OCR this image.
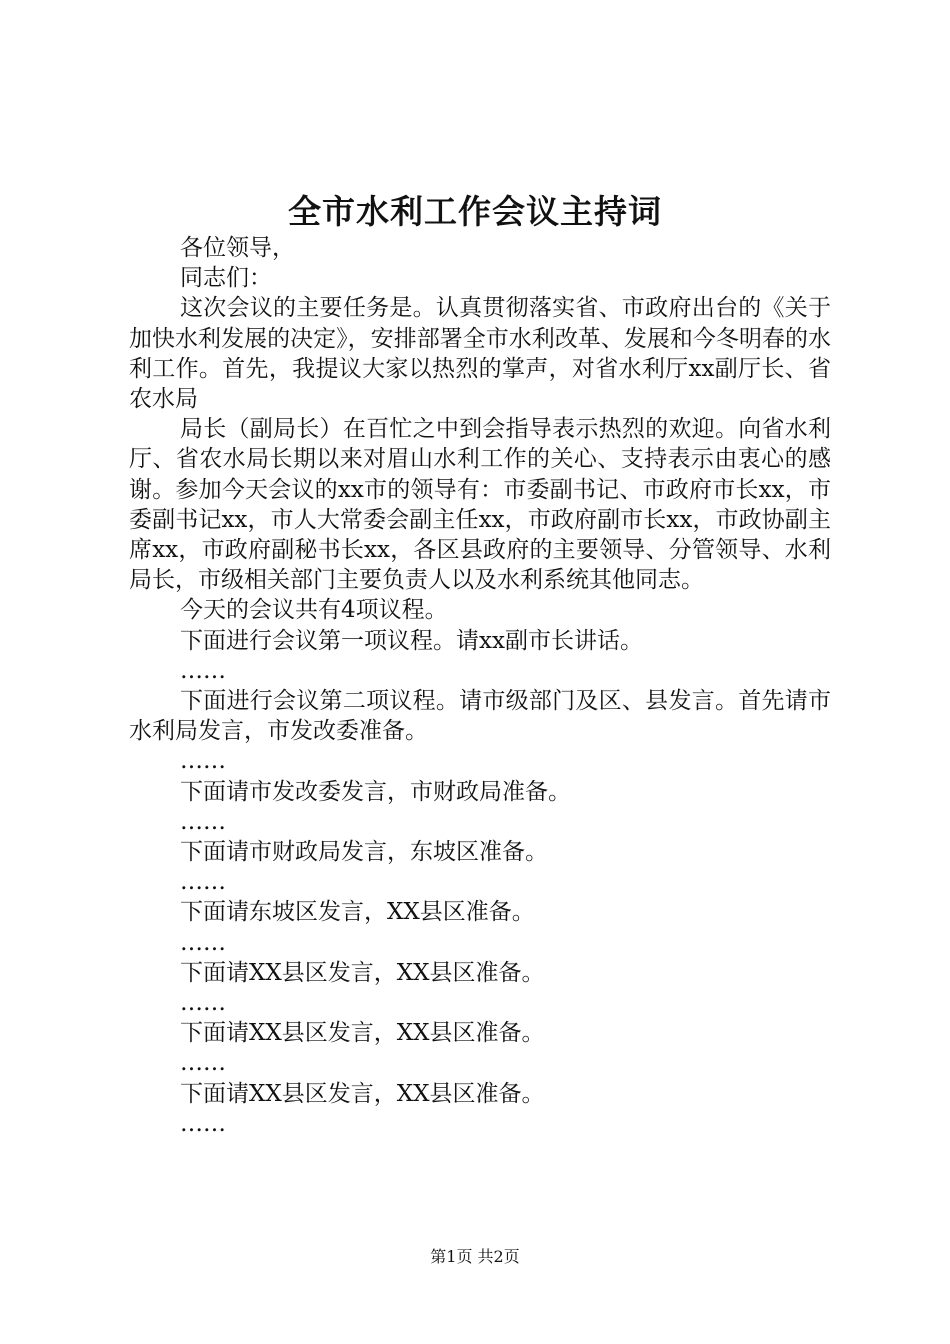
全市水利工作会议主持词

各位领导，

同志们：

这次会议的主要任务是。认真贯彻落实省、市政府出台的《关于加快水利发展的决定》，安排部署全市水利改革、发展和今冬明春的水利工作。首先，我提议大家以热烈的掌声，对省水利厅xx副厅长、省农水局

局长（副局长）在百忙之中到会指导表示热烈的欢迎。向省水利厅、省农水局长期以来对眉山水利工作的关心、支持表示由衷心的感谢。参加今天会议的xx市的领导有：市委副书记、市政府市长xx，市委副书记xx，市人大常委会副主任xx，市政府副市长xx，市政协副主席xx，市政府副秘书长xx，各区县政府的主要领导、分管领导、水利局长，市级相关部门主要负责人以及水利系统其他同志。

今天的会议共有4项议程。

下面进行会议第一项议程。请xx副市长讲话。

……

下面进行会议第二项议程。请市级部门及区、县发言。首先请市水利局发言，市发改委准备。

……

下面请市发改委发言，市财政局准备。

……

下面请市财政局发言，东坡区准备。

……

下面请东坡区发言，XX县区准备。

……

下面请XX县区发言，XX县区准备。

……

下面请XX县区发言，XX县区准备。

……

下面请XX县区发言，XX县区准备。

……

第1页 共2页
